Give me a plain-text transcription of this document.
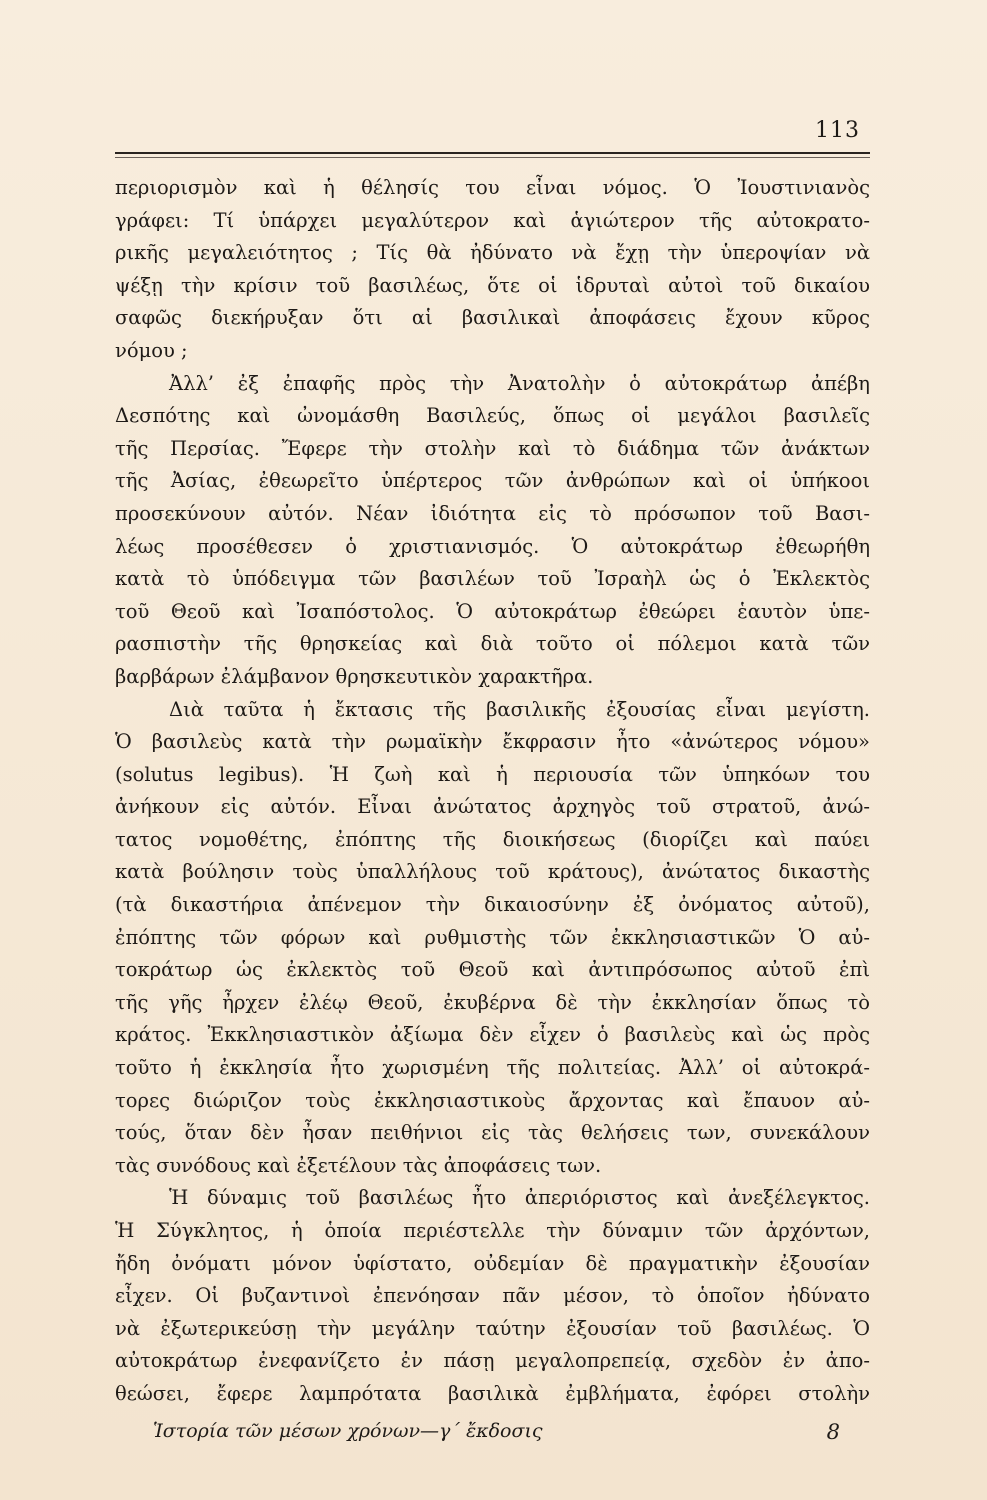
113
περιορισμὸν καὶ ἡ θέλησίς του εἶναι νόμος. Ὁ Ἰουστινιανὸς
γράφει: Τί ὑπάρχει μεγαλύτερον καὶ ἁγιώτερον τῆς αὐτοκρατο-
ρικῆς μεγαλειότητος ; Τίς θὰ ἠδύνατο νὰ ἔχῃ τὴν ὑπεροψίαν νὰ
ψέξῃ τὴν κρίσιν τοῦ βασιλέως, ὅτε οἱ ἱδρυταὶ αὐτοὶ τοῦ δικαίου
σαφῶς διεκήρυξαν ὅτι αἱ βασιλικαὶ ἀποφάσεις ἔχουν κῦρος
νόμου ;
Ἀλλ’ ἐξ ἐπαφῆς πρὸς τὴν Ἀνατολὴν ὁ αὐτοκράτωρ ἀπέβη
Δεσπότης καὶ ὠνομάσθη Βασιλεύς, ὅπως οἱ μεγάλοι βασιλεῖς
τῆς Περσίας. Ἔφερε τὴν στολὴν καὶ τὸ διάδημα τῶν ἀνάκτων
τῆς Ἀσίας, ἐθεωρεῖτο ὑπέρτερος τῶν ἀνθρώπων καὶ οἱ ὑπήκοοι
προσεκύνουν αὐτόν. Νέαν ἰδιότητα εἰς τὸ πρόσωπον τοῦ Βασι-
λέως προσέθεσεν ὁ χριστιανισμός. Ὁ αὐτοκράτωρ ἐθεωρήθη
κατὰ τὸ ὑπόδειγμα τῶν βασιλέων τοῦ Ἰσραὴλ ὡς ὁ Ἐκλεκτὸς
τοῦ Θεοῦ καὶ Ἰσαπόστολος. Ὁ αὐτοκράτωρ ἐθεώρει ἑαυτὸν ὑπε-
ρασπιστὴν τῆς θρησκείας καὶ διὰ τοῦτο οἱ πόλεμοι κατὰ τῶν
βαρβάρων ἐλάμβανον θρησκευτικὸν χαρακτῆρα.
Διὰ ταῦτα ἡ ἔκτασις τῆς βασιλικῆς ἐξουσίας εἶναι μεγίστη.
Ὁ βασιλεὺς κατὰ τὴν ρωμαϊκὴν ἔκφρασιν ἦτο «ἀνώτερος νόμου»
(solutus legibus). Ἡ ζωὴ καὶ ἡ περιουσία τῶν ὑπηκόων του
ἀνήκουν εἰς αὐτόν. Εἶναι ἀνώτατος ἀρχηγὸς τοῦ στρατοῦ, ἀνώ-
τατος νομοθέτης, ἐπόπτης τῆς διοικήσεως (διορίζει καὶ παύει
κατὰ βούλησιν τοὺς ὑπαλλήλους τοῦ κράτους), ἀνώτατος δικαστὴς
(τὰ δικαστήρια ἀπένεμον τὴν δικαιοσύνην ἐξ ὀνόματος αὐτοῦ),
ἐπόπτης τῶν φόρων καὶ ρυθμιστὴς τῶν ἐκκλησιαστικῶν Ὁ αὐ-
τοκράτωρ ὡς ἐκλεκτὸς τοῦ Θεοῦ καὶ ἀντιπρόσωπος αὐτοῦ ἐπὶ
τῆς γῆς ἦρχεν ἐλέῳ Θεοῦ, ἐκυβέρνα δὲ τὴν ἐκκλησίαν ὅπως τὸ
κράτος. Ἐκκλησιαστικὸν ἀξίωμα δὲν εἶχεν ὁ βασιλεὺς καὶ ὡς πρὸς
τοῦτο ἡ ἐκκλησία ἦτο χωρισμένη τῆς πολιτείας. Ἀλλ’ οἱ αὐτοκρά-
τορες διώριζον τοὺς ἐκκλησιαστικοὺς ἄρχοντας καὶ ἔπαυον αὐ-
τούς, ὅταν δὲν ἦσαν πειθήνιοι εἰς τὰς θελήσεις των, συνεκάλουν
τὰς συνόδους καὶ ἐξετέλουν τὰς ἀποφάσεις των.
Ἡ δύναμις τοῦ βασιλέως ἦτο ἀπεριόριστος καὶ ἀνεξέλεγκτος.
Ἡ Σύγκλητος, ἡ ὁποία περιέστελλε τὴν δύναμιν τῶν ἀρχόντων,
ἤδη ὀνόματι μόνον ὑφίστατο, οὐδεμίαν δὲ πραγματικὴν ἐξουσίαν
εἶχεν. Οἱ βυζαντινοὶ ἐπενόησαν πᾶν μέσον, τὸ ὁποῖον ἠδύνατο
νὰ ἐξωτερικεύσῃ τὴν μεγάλην ταύτην ἐξουσίαν τοῦ βασιλέως. Ὁ
αὐτοκράτωρ ἐνεφανίζετο ἐν πάσῃ μεγαλοπρεπείᾳ, σχεδὸν ἐν ἀπο-
θεώσει, ἔφερε λαμπρότατα βασιλικὰ ἐμβλήματα, ἐφόρει στολὴν
Ἱστορία τῶν μέσων χρόνων—γ΄ ἔκδοσις	8
